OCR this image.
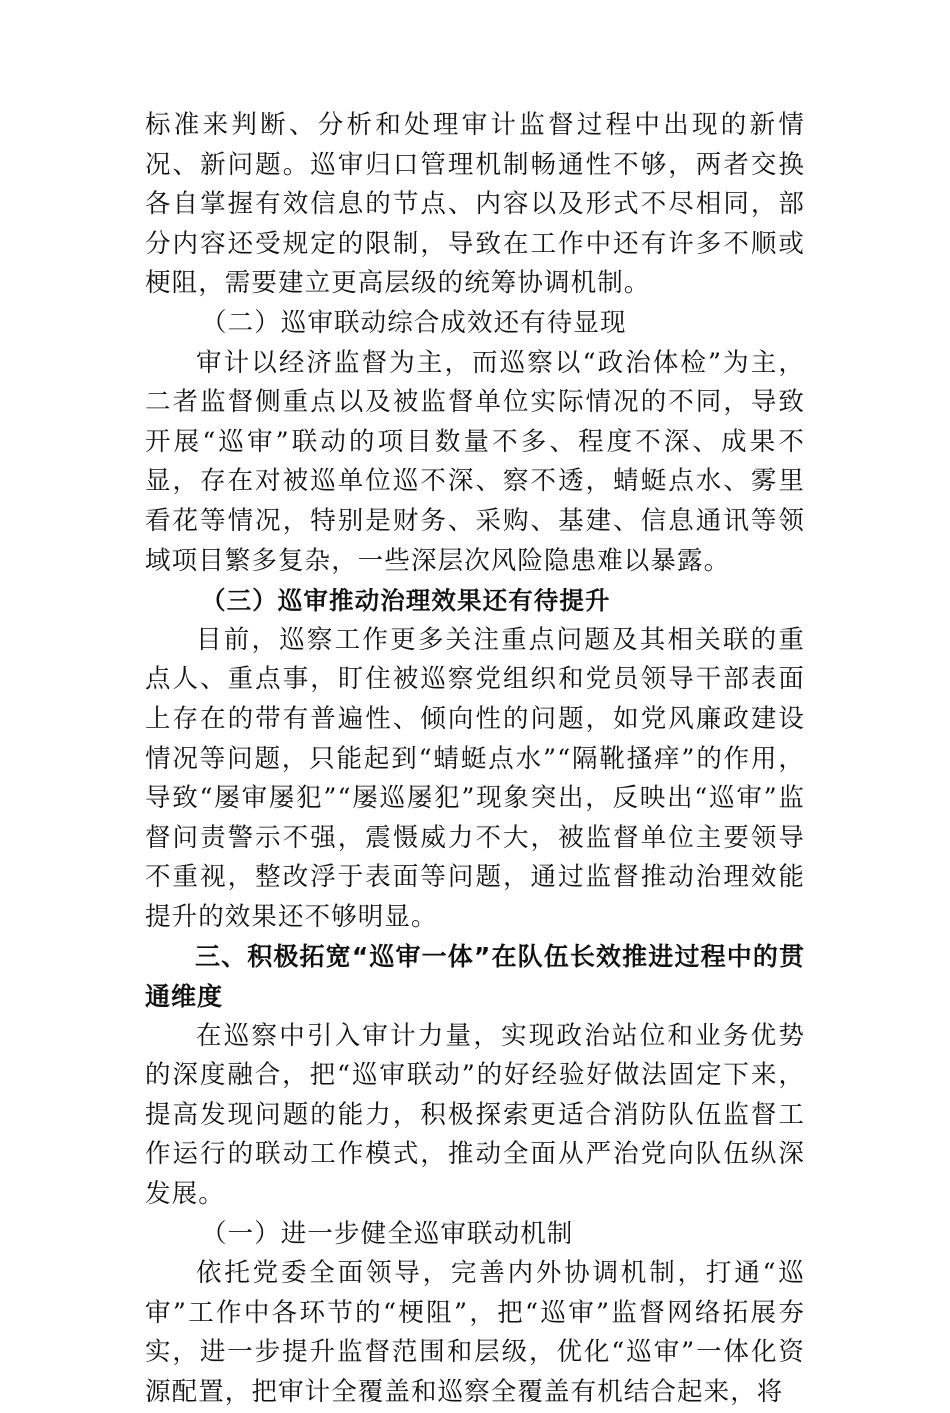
标准来判断、分析和处理审计监督过程中出现的新情况、新问题。巡审归口管理机制畅通性不够，两者交换各自掌握有效信息的节点、内容以及形式不尽相同，部分内容还受规定的限制，导致在工作中还有许多不顺或梗阻，需要建立更高层级的统筹协调机制。

（二）巡审联动综合成效还有待显现

审计以经济监督为主，而巡察以“政治体检”为主，二者监督侧重点以及被监督单位实际情况的不同，导致开展“巡审”联动的项目数量不多、程度不深、成果不显，存在对被巡单位巡不深、察不透，蜻蜓点水、雾里看花等情况，特别是财务、采购、基建、信息通讯等领域项目繁多复杂，一些深层次风险隐患难以暴露。

（三）巡审推动治理效果还有待提升

目前，巡察工作更多关注重点问题及其相关联的重点人、重点事，盯住被巡察党组织和党员领导干部表面上存在的带有普遍性、倾向性的问题，如党风廉政建设情况等问题，只能起到“蜻蜓点水”“隔靴搔痒”的作用，导致“屡审屡犯”“屡巡屡犯”现象突出，反映出“巡审”监督问责警示不强，震慑威力不大，被监督单位主要领导不重视，整改浮于表面等问题，通过监督推动治理效能提升的效果还不够明显。

三、积极拓宽“巡审一体”在队伍长效推进过程中的贯通维度

在巡察中引入审计力量，实现政治站位和业务优势的深度融合，把“巡审联动”的好经验好做法固定下来，提高发现问题的能力，积极探索更适合消防队伍监督工作运行的联动工作模式，推动全面从严治党向队伍纵深发展。

（一）进一步健全巡审联动机制

依托党委全面领导，完善内外协调机制，打通“巡审”工作中各环节的“梗阻”，把“巡审”监督网络拓展夯实，进一步提升监督范围和层级，优化“巡审”一体化资源配置，把审计全覆盖和巡察全覆盖有机结合起来，将
